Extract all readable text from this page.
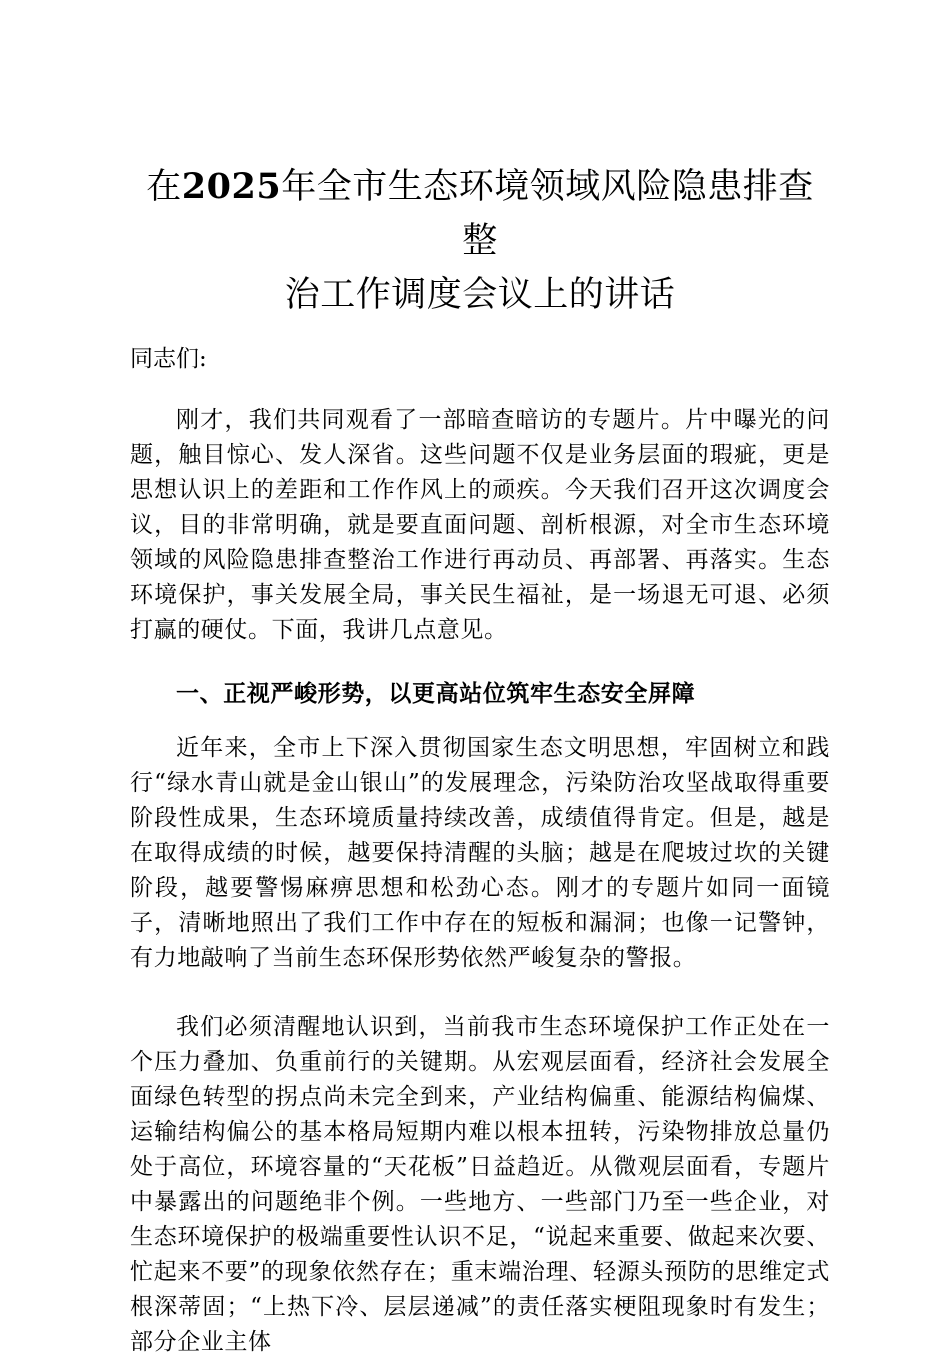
在2025年全市生态环境领域风险隐患排查整
治工作调度会议上的讲话

同志们:

刚才，我们共同观看了一部暗查暗访的专题片。片中曝光的问题，触目惊心、发人深省。这些问题不仅是业务层面的瑕疵，更是思想认识上的差距和工作作风上的顽疾。今天我们召开这次调度会议，目的非常明确，就是要直面问题、剖析根源，对全市生态环境领域的风险隐患排查整治工作进行再动员、再部署、再落实。生态环境保护，事关发展全局，事关民生福祉，是一场退无可退、必须打赢的硬仗。下面，我讲几点意见。

一、正视严峻形势，以更高站位筑牢生态安全屏障

近年来，全市上下深入贯彻国家生态文明思想，牢固树立和践行“绿水青山就是金山银山”的发展理念，污染防治攻坚战取得重要阶段性成果，生态环境质量持续改善，成绩值得肯定。但是，越是在取得成绩的时候，越要保持清醒的头脑；越是在爬坡过坎的关键阶段，越要警惕麻痹思想和松劲心态。刚才的专题片如同一面镜子，清晰地照出了我们工作中存在的短板和漏洞；也像一记警钟，有力地敲响了当前生态环保形势依然严峻复杂的警报。

我们必须清醒地认识到，当前我市生态环境保护工作正处在一个压力叠加、负重前行的关键期。从宏观层面看，经济社会发展全面绿色转型的拐点尚未完全到来，产业结构偏重、能源结构偏煤、运输结构偏公的基本格局短期内难以根本扭转，污染物排放总量仍处于高位，环境容量的“天花板”日益趋近。从微观层面看，专题片中暴露出的问题绝非个例。一些地方、一些部门乃至一些企业，对生态环境保护的极端重要性认识不足，“说起来重要、做起来次要、忙起来不要”的现象依然存在；重末端治理、轻源头预防的思维定式根深蒂固；“上热下冷、层层递减”的责任落实梗阻现象时有发生；部分企业主体
